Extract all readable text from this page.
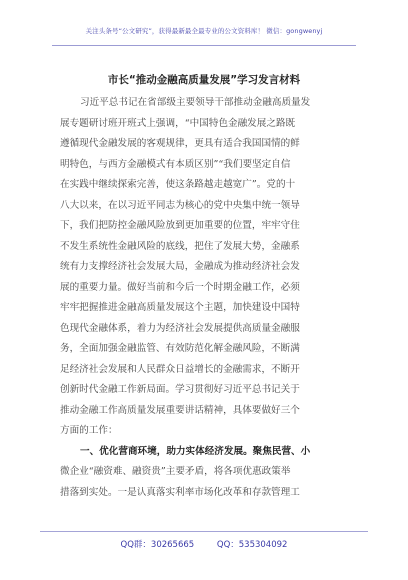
关注头条号“公文研究”，获得最新最全最专业的公文资料库！ 微信：gongwenyj
市长“推动金融高质量发展”学习发言材料
习近平总书记在省部级主要领导干部推动金融高质量发
展专题研讨班开班式上强调，“中国特色金融发展之路既
遵循现代金融发展的客观规律，更具有适合我国国情的鲜
明特色，与西方金融模式有本质区别”“我们要坚定自信
在实践中继续探索完善，使这条路越走越宽广”。党的十
八大以来，在以习近平同志为核心的党中央集中统一领导
下，我们把防控金融风险放到更加重要的位置，牢牢守住
不发生系统性金融风险的底线，把住了发展大势，金融系
统有力支撑经济社会发展大局，金融成为推动经济社会发
展的重要力量。做好当前和今后一个时期金融工作，必须
牢牢把握推进金融高质量发展这个主题，加快建设中国特
色现代金融体系，着力为经济社会发展提供高质量金融服
务，全面加强金融监管、有效防范化解金融风险，不断满
足经济社会发展和人民群众日益增长的金融需求，不断开
创新时代金融工作新局面。学习贯彻好习近平总书记关于
推动金融工作高质量发展重要讲话精神，具体要做好三个
方面的工作：
一、优化营商环境，助力实体经济发展。聚焦民营、小
微企业“融资难、融资贵”主要矛盾，将各项优惠政策举
措落到实处。一是认真落实利率市场化改革和存款管理工
QQ群：30265665	QQ：535304092
